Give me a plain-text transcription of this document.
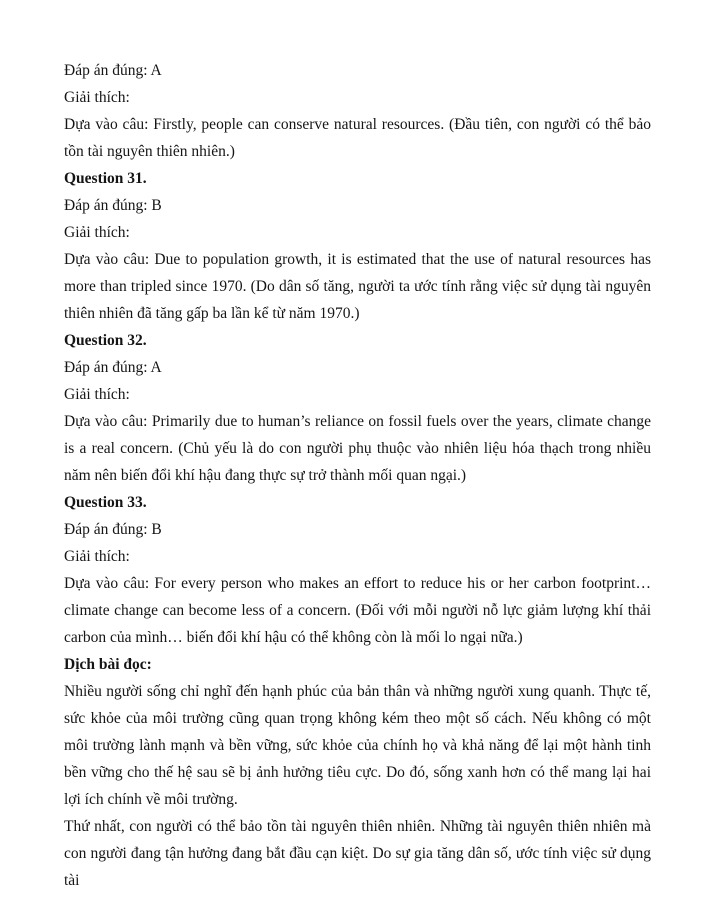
Đáp án đúng: A

Giải thích:

Dựa vào câu: Firstly, people can conserve natural resources. (Đầu tiên, con người có thể bảo tồn tài nguyên thiên nhiên.)

Question 31.

Đáp án đúng: B

Giải thích:

Dựa vào câu: Due to population growth, it is estimated that the use of natural resources has more than tripled since 1970. (Do dân số tăng, người ta ước tính rằng việc sử dụng tài nguyên thiên nhiên đã tăng gấp ba lần kể từ năm 1970.)

Question 32.

Đáp án đúng: A

Giải thích:

Dựa vào câu: Primarily due to human’s reliance on fossil fuels over the years, climate change is a real concern. (Chủ yếu là do con người phụ thuộc vào nhiên liệu hóa thạch trong nhiều năm nên biến đổi khí hậu đang thực sự trở thành mối quan ngại.)

Question 33.

Đáp án đúng: B

Giải thích:

Dựa vào câu: For every person who makes an effort to reduce his or her carbon footprint… climate change can become less of a concern. (Đối với mỗi người nỗ lực giảm lượng khí thải carbon của mình… biến đổi khí hậu có thể không còn là mối lo ngại nữa.)

Dịch bài đọc:

Nhiều người sống chỉ nghĩ đến hạnh phúc của bản thân và những người xung quanh. Thực tế, sức khỏe của môi trường cũng quan trọng không kém theo một số cách. Nếu không có một môi trường lành mạnh và bền vững, sức khỏe của chính họ và khả năng để lại một hành tinh bền vững cho thế hệ sau sẽ bị ảnh hưởng tiêu cực. Do đó, sống xanh hơn có thể mang lại hai lợi ích chính về môi trường.

Thứ nhất, con người có thể bảo tồn tài nguyên thiên nhiên. Những tài nguyên thiên nhiên mà con người đang tận hưởng đang bắt đầu cạn kiệt. Do sự gia tăng dân số, ước tính việc sử dụng tài
